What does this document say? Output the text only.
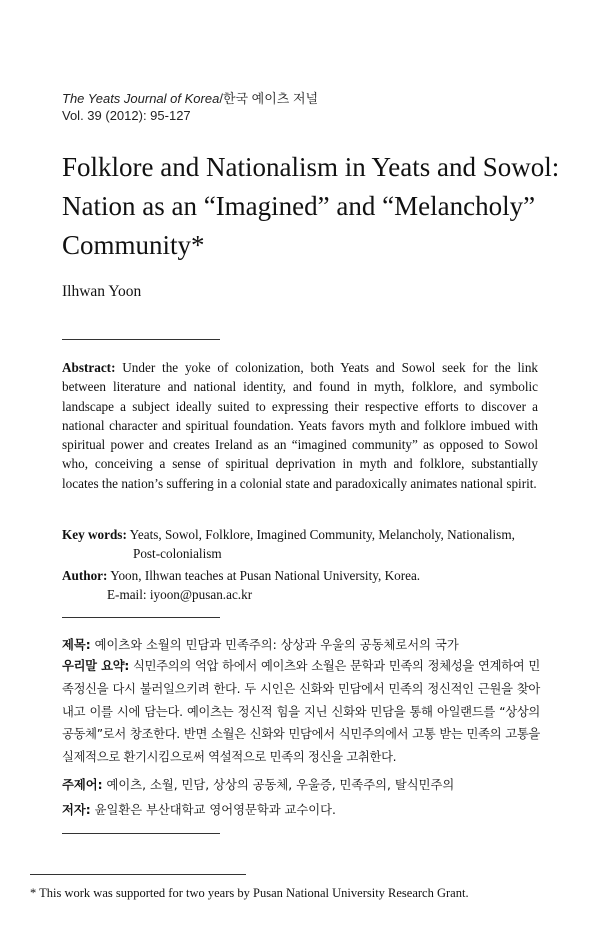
The Yeats Journal of Korea/한국 예이츠 저널
Vol. 39 (2012): 95-127
Folklore and Nationalism in Yeats and Sowol:
Nation as an “Imagined” and “Melancholy”
Community*
Ilhwan Yoon

Abstract: Under the yoke of colonization, both Yeats and Sowol seek for the link between literature and national identity, and found in myth, folklore, and symbolic landscape a subject ideally suited to expressing their respective efforts to discover a national character and spiritual foundation. Yeats favors myth and folklore imbued with spiritual power and creates Ireland as an “imagined community” as opposed to Sowol who, conceiving a sense of spiritual deprivation in myth and folklore, substantially locates the nation’s suffering in a colonial state and paradoxically animates national spirit.

Key words: Yeats, Sowol, Folklore, Imagined Community, Melancholy, Nationalism,
Post-colonialism

Author: Yoon, Ilhwan teaches at Pusan National University, Korea.
E-mail: iyoon@pusan.ac.kr

제목: 예이츠와 소월의 민담과 민족주의: 상상과 우울의 공동체로서의 국가

우리말 요약: 식민주의의 억압 하에서 예이츠와 소월은 문학과 민족의 정체성을 연계하여 민족정신을 다시 불러일으키려 한다. 두 시인은 신화와 민담에서 민족의 정신적인 근원을 찾아내고 이를 시에 담는다. 예이츠는 정신적 힘을 지닌 신화와 민담을 통해 아일랜드를 “상상의 공동체”로서 창조한다. 반면 소월은 신화와 민담에서 식민주의에서 고통 받는 민족의 고통을 실제적으로 환기시킴으로써 역설적으로 민족의 정신을 고취한다.

주제어: 예이츠, 소월, 민담, 상상의 공동체, 우울증, 민족주의, 탈식민주의

저자: 윤일환은 부산대학교 영어영문학과 교수이다.

* This work was supported for two years by Pusan National University Research Grant.
